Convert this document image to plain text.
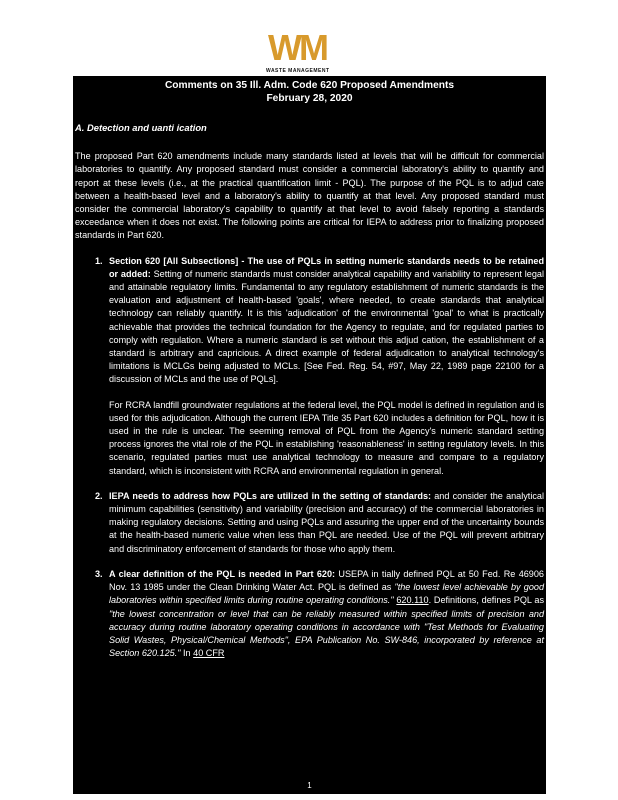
WM
WASTE MANAGEMENT

Comments on 35 Ill. Adm. Code 620 Proposed Amendments

February 28, 2020

A. Detection and uanti ication

The proposed Part 620 amendments include many standards listed at levels that will be difficult for commercial laboratories to quantify. Any proposed standard must consider a commercial laboratory's ability to quantify and report at these levels (i.e., at the practical quantification limit - PQL). The purpose of the PQL is to adjud cate between a health-based level and a laboratory's ability to quantify at that level. Any proposed standard must consider the commercial laboratory's capability to quantify at that level to avoid falsely reporting a standards exceedance when it does not exist. The following points are critical for IEPA to address prior to finalizing proposed standards in Part 620.

1. Section 620 [All Subsections] - The use of PQLs in setting numeric standards needs to be retained or added: Setting of numeric standards must consider analytical capability and variability to represent legal and attainable regulatory limits. Fundamental to any regulatory establishment of numeric standards is the evaluation and adjustment of health-based 'goals', where needed, to create standards that analytical technology can reliably quantify. It is this 'adjudication' of the environmental 'goal' to what is practically achievable that provides the technical foundation for the Agency to regulate, and for regulated parties to comply with regulation. Where a numeric standard is set without this adjud cation, the establishment of a standard is arbitrary and capricious. A direct example of federal adjudication to analytical technology's limitations is MCLGs being adjusted to MCLs. [See Fed. Reg. 54, #97, May 22, 1989 page 22100 for a discussion of MCLs and the use of PQLs].

For RCRA landfill groundwater regulations at the federal level, the PQL model is defined in regulation and is used for this adjudication. Although the current IEPA Title 35 Part 620 includes a definition for PQL, how it is used in the rule is unclear. The seeming removal of PQL from the Agency's numeric standard setting process ignores the vital role of the PQL in establishing 'reasonableness' in setting regulatory levels. In this scenario, regulated parties must use analytical technology to measure and compare to a regulatory standard, which is inconsistent with RCRA and environmental regulation in general.

2. IEPA needs to address how PQLs are utilized in the setting of standards: and consider the analytical minimum capabilities (sensitivity) and variability (precision and accuracy) of the commercial laboratories in making regulatory decisions. Setting and using PQLs and assuring the upper end of the uncertainty bounds at the health-based numeric value when less than PQL are needed. Use of the PQL will prevent arbitrary and discriminatory enforcement of standards for those who apply them.

3. A clear definition of the PQL is needed in Part 620: USEPA in tially defined PQL at 50 Fed. Re 46906 Nov. 13 1985 under the Clean Drinking Water Act. PQL is defined as "the lowest level achievable by good laboratories within specified limits during routine operating conditions." 620.110. Definitions, defines PQL as "the lowest concentration or level that can be reliably measured within specified limits of precision and accuracy during routine laboratory operating conditions in accordance with "Test Methods for Evaluating Solid Wastes, Physical/Chemical Methods", EPA Publication No. SW-846, incorporated by reference at Section 620.125." In 40 CFR

1
